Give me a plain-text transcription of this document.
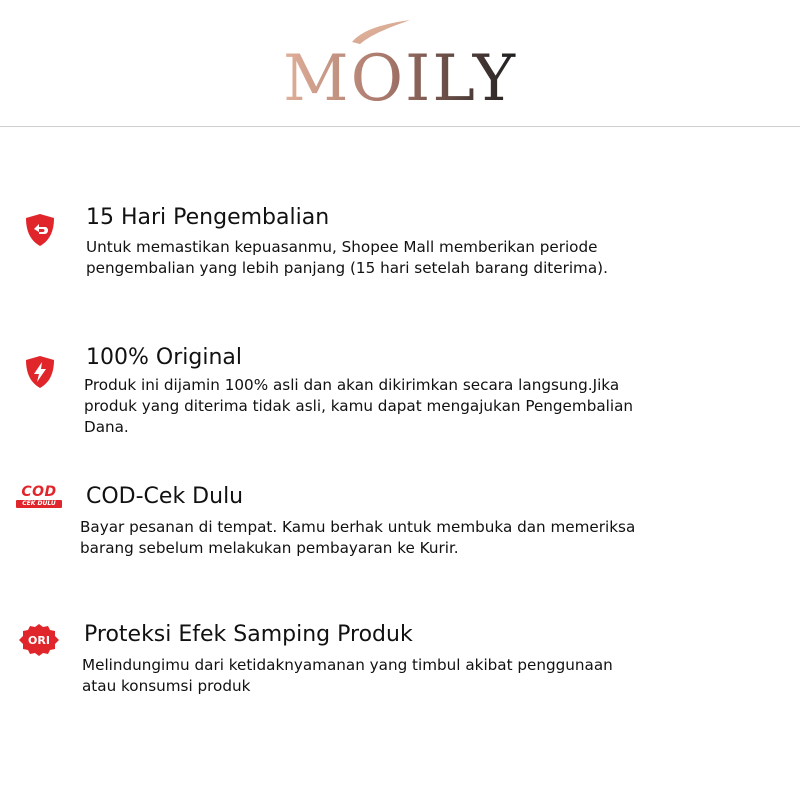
MOILY
15 Hari Pengembalian
Untuk memastikan kepuasanmu, Shopee Mall memberikan periode
pengembalian yang lebih panjang (15 hari setelah barang diterima).
100% Original
Produk ini dijamin 100% asli dan akan dikirimkan secara langsung.Jika
produk yang diterima tidak asli, kamu dapat mengajukan Pengembalian
Dana.
COD
CEK DULU COD-Cek Dulu
Bayar pesanan di tempat. Kamu berhak untuk membuka dan memeriksa
barang sebelum melakukan pembayaran ke Kurir.
ORI Proteksi Efek Samping Produk
Melindungimu dari ketidaknyamanan yang timbul akibat penggunaan
atau konsumsi produk
